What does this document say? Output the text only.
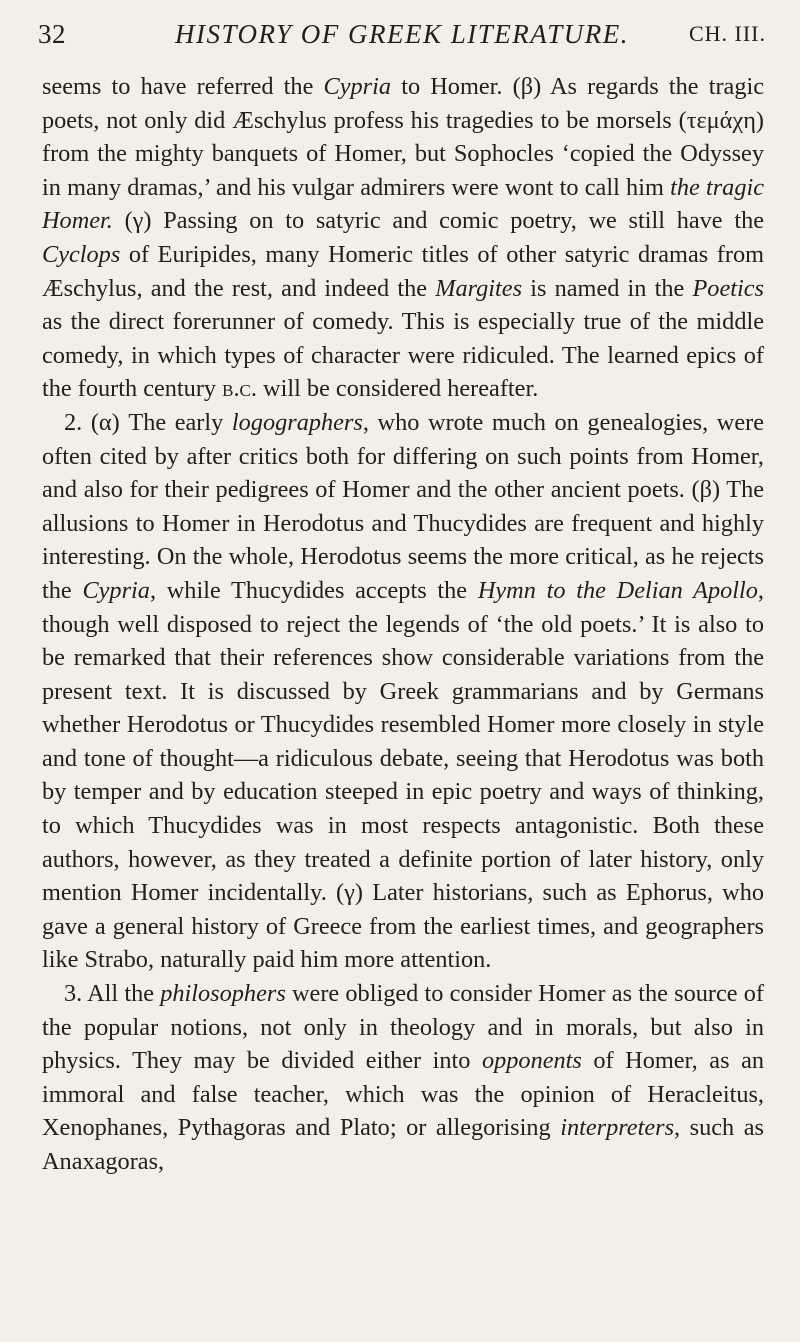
32	HISTORY OF GREEK LITERATURE.	CH. III.

seems to have referred the Cypria to Homer. (β) As regards the tragic poets, not only did Æschylus profess his tragedies to be morsels (τεμάχη) from the mighty banquets of Homer, but Sophocles ‘copied the Odyssey in many dramas,’ and his vulgar admirers were wont to call him the tragic Homer. (γ) Passing on to satyric and comic poetry, we still have the Cyclops of Euripides, many Homeric titles of other satyric dramas from Æschylus, and the rest, and indeed the Margites is named in the Poetics as the direct forerunner of comedy. This is especially true of the middle comedy, in which types of character were ridiculed. The learned epics of the fourth century b.c. will be considered hereafter.

2. (α) The early logographers, who wrote much on genealogies, were often cited by after critics both for differing on such points from Homer, and also for their pedigrees of Homer and the other ancient poets. (β) The allusions to Homer in Herodotus and Thucydides are frequent and highly interesting. On the whole, Herodotus seems the more critical, as he rejects the Cypria, while Thucydides accepts the Hymn to the Delian Apollo, though well disposed to reject the legends of ‘the old poets.’ It is also to be remarked that their references show considerable variations from the present text. It is discussed by Greek grammarians and by Germans whether Herodotus or Thucydides resembled Homer more closely in style and tone of thought—a ridiculous debate, seeing that Herodotus was both by temper and by education steeped in epic poetry and ways of thinking, to which Thucydides was in most respects antagonistic. Both these authors, however, as they treated a definite portion of later history, only mention Homer incidentally. (γ) Later historians, such as Ephorus, who gave a general history of Greece from the earliest times, and geographers like Strabo, naturally paid him more attention.

3. All the philosophers were obliged to consider Homer as the source of the popular notions, not only in theology and in morals, but also in physics. They may be divided either into opponents of Homer, as an immoral and false teacher, which was the opinion of Heracleitus, Xenophanes, Pythagoras and Plato; or allegorising interpreters, such as Anaxagoras,
